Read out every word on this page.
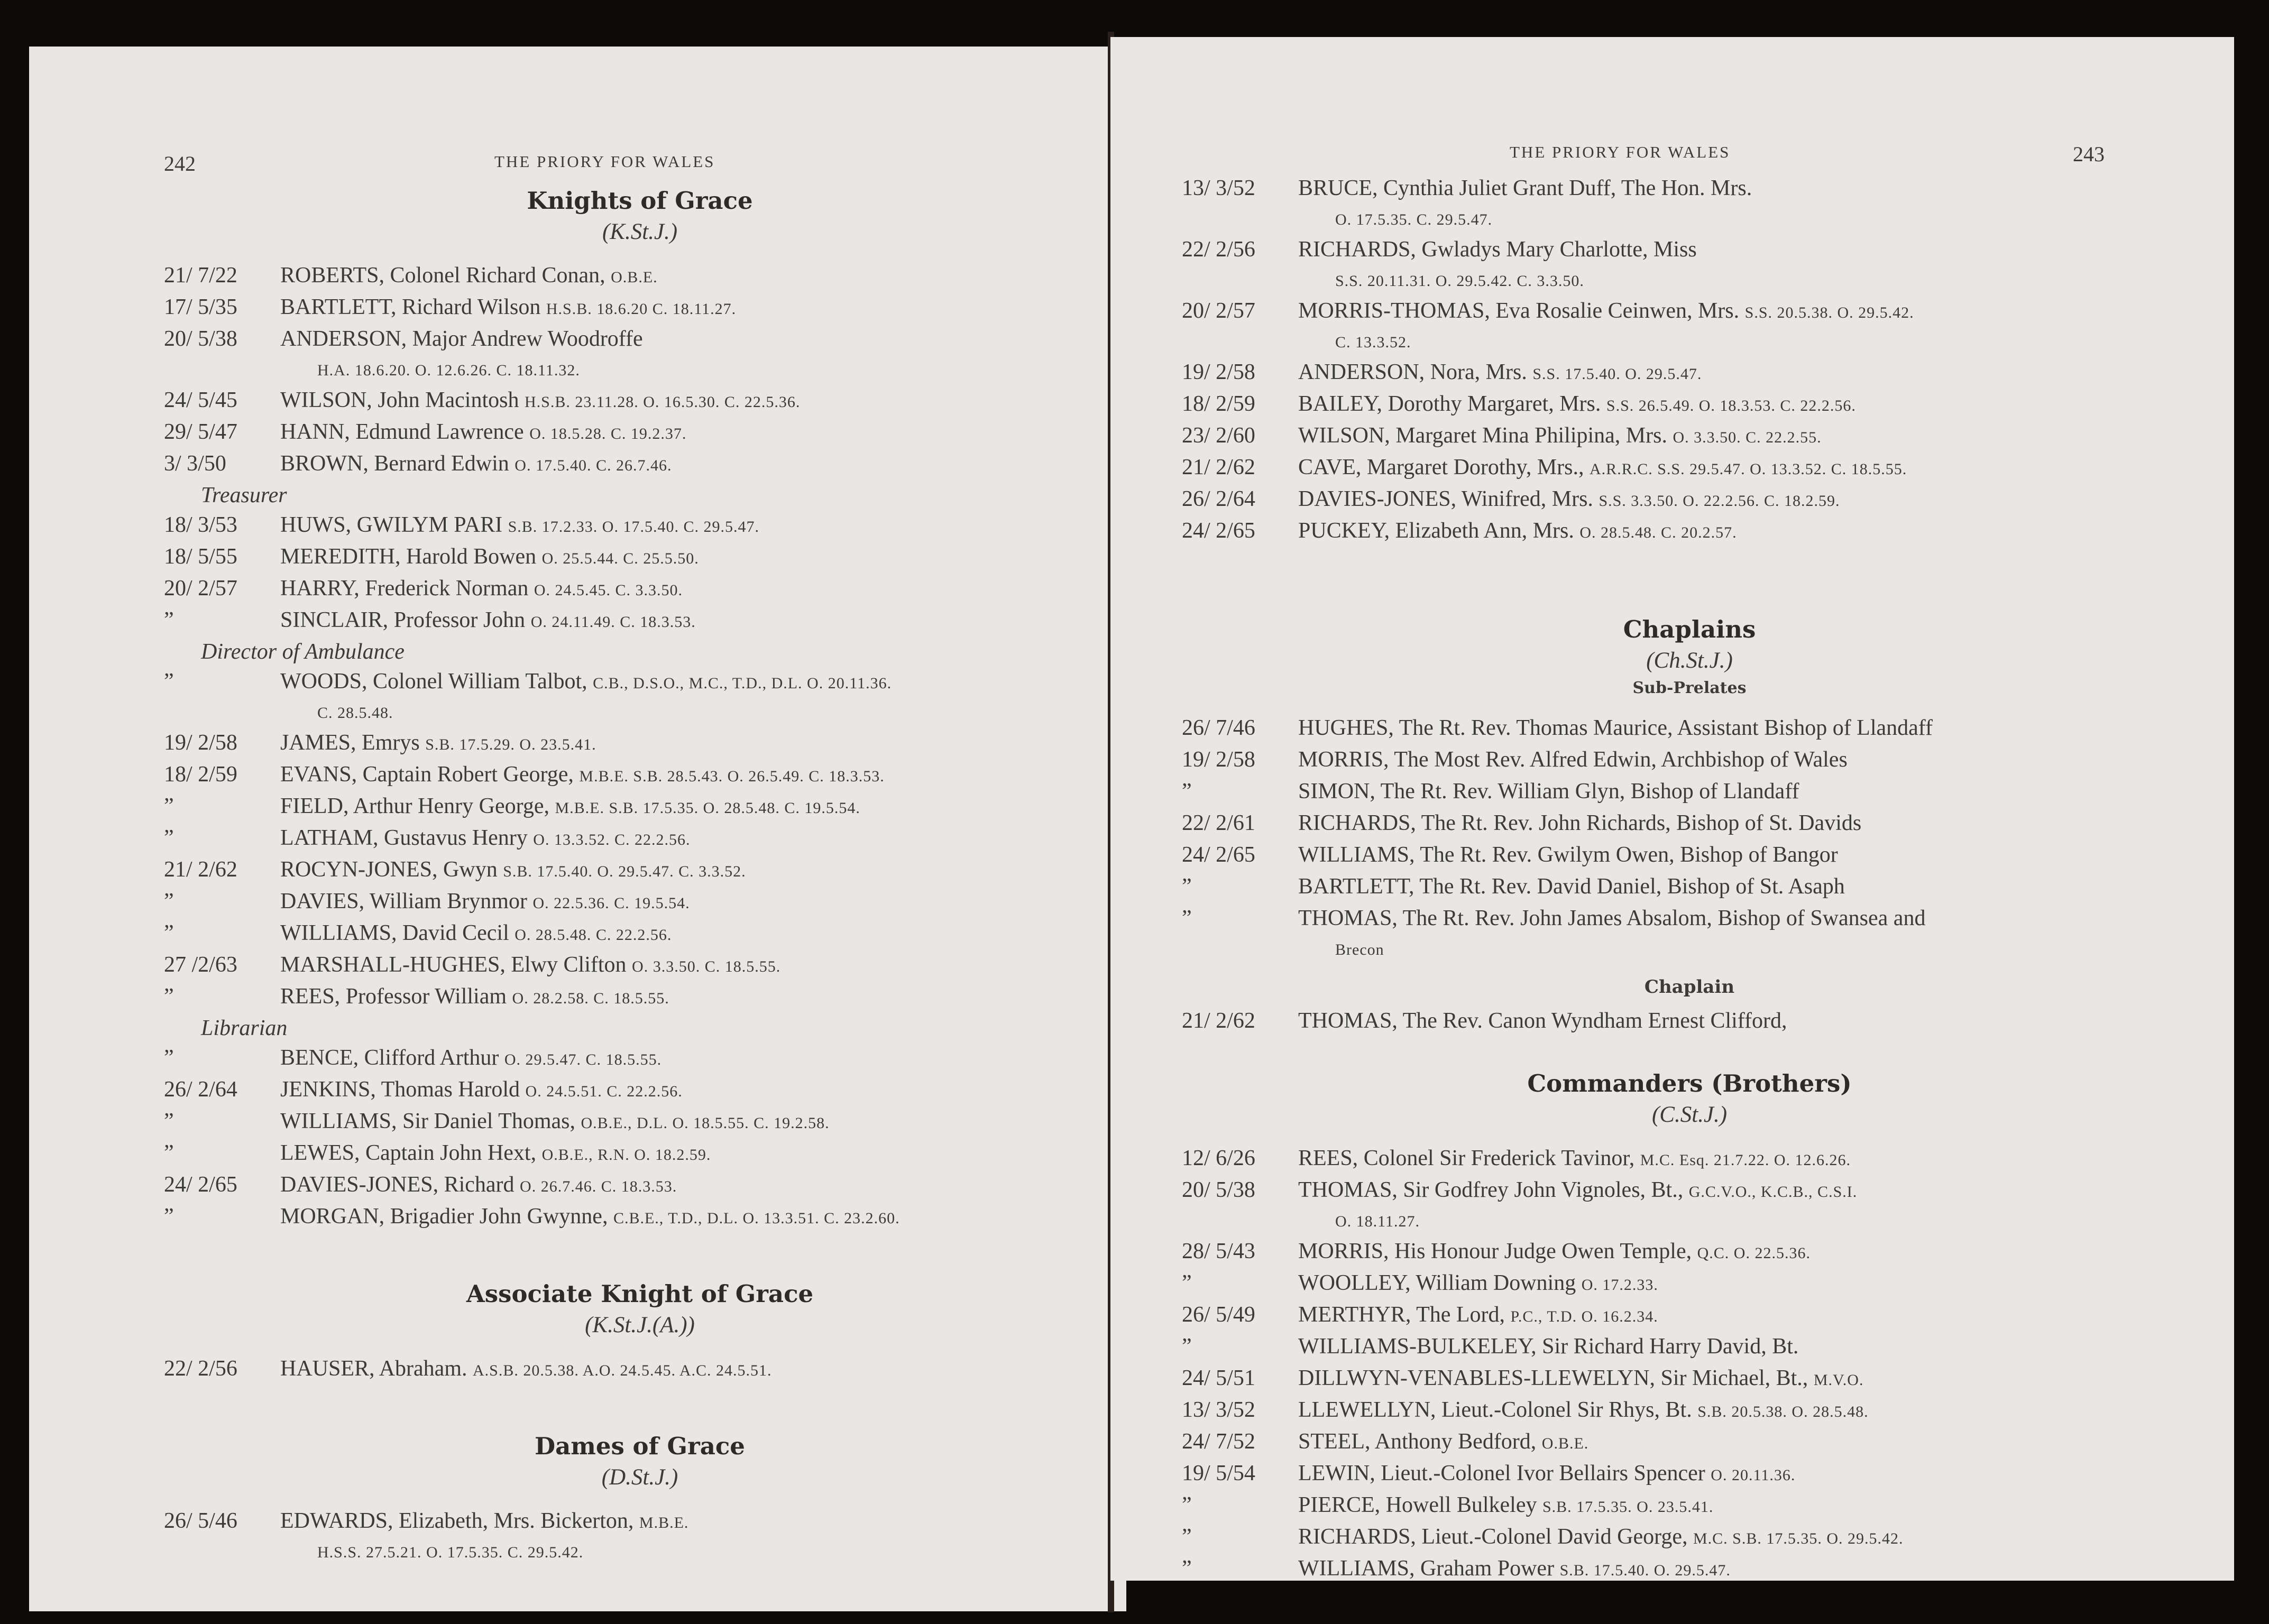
242	THE PRIORY FOR WALES
Knights of Grace
(K.St.J.)
21/ 7/22	ROBERTS, Colonel Richard Conan, O.B.E.
17/ 5/35	BARTLETT, Richard Wilson H.S.B. 18.6.20 C. 18.11.27.
20/ 5/38	ANDERSON, Major Andrew Woodroffe
H.A. 18.6.20. O. 12.6.26. C. 18.11.32.
24/ 5/45	WILSON, John Macintosh H.S.B. 23.11.28. O. 16.5.30. C. 22.5.36.
29/ 5/47	HANN, Edmund Lawrence O. 18.5.28. C. 19.2.37.
3/ 3/50	BROWN, Bernard Edwin O. 17.5.40. C. 26.7.46.
Treasurer
18/ 3/53	HUWS, GWILYM PARI S.B. 17.2.33. O. 17.5.40. C. 29.5.47.
18/ 5/55	MEREDITH, Harold Bowen O. 25.5.44. C. 25.5.50.
20/ 2/57	HARRY, Frederick Norman O. 24.5.45. C. 3.3.50.
”	SINCLAIR, Professor John O. 24.11.49. C. 18.3.53.
Director of Ambulance
”	WOODS, Colonel William Talbot, C.B., D.S.O., M.C., T.D., D.L. O. 20.11.36.
C. 28.5.48.
19/ 2/58	JAMES, Emrys S.B. 17.5.29. O. 23.5.41.
18/ 2/59	EVANS, Captain Robert George, M.B.E. S.B. 28.5.43. O. 26.5.49. C. 18.3.53.
”	FIELD, Arthur Henry George, M.B.E. S.B. 17.5.35. O. 28.5.48. C. 19.5.54.
”	LATHAM, Gustavus Henry O. 13.3.52. C. 22.2.56.
21/ 2/62	ROCYN-JONES, Gwyn S.B. 17.5.40. O. 29.5.47. C. 3.3.52.
”	DAVIES, William Brynmor O. 22.5.36. C. 19.5.54.
”	WILLIAMS, David Cecil O. 28.5.48. C. 22.2.56.
27 /2/63	MARSHALL-HUGHES, Elwy Clifton O. 3.3.50. C. 18.5.55.
”	REES, Professor William O. 28.2.58. C. 18.5.55.
Librarian
”	BENCE, Clifford Arthur O. 29.5.47. C. 18.5.55.
26/ 2/64	JENKINS, Thomas Harold O. 24.5.51. C. 22.2.56.
”	WILLIAMS, Sir Daniel Thomas, O.B.E., D.L. O. 18.5.55. C. 19.2.58.
”	LEWES, Captain John Hext, O.B.E., R.N. O. 18.2.59.
24/ 2/65	DAVIES-JONES, Richard O. 26.7.46. C. 18.3.53.
”	MORGAN, Brigadier John Gwynne, C.B.E., T.D., D.L. O. 13.3.51. C. 23.2.60.
Associate Knight of Grace
(K.St.J.(A.))
22/ 2/56	HAUSER, Abraham. A.S.B. 20.5.38. A.O. 24.5.45. A.C. 24.5.51.
Dames of Grace
(D.St.J.)
26/ 5/46	EDWARDS, Elizabeth, Mrs. Bickerton, M.B.E.
H.S.S. 27.5.21. O. 17.5.35. C. 29.5.42.
THE PRIORY FOR WALES	243
13/ 3/52	BRUCE, Cynthia Juliet Grant Duff, The Hon. Mrs.
O. 17.5.35. C. 29.5.47.
22/ 2/56	RICHARDS, Gwladys Mary Charlotte, Miss
S.S. 20.11.31. O. 29.5.42. C. 3.3.50.
20/ 2/57	MORRIS-THOMAS, Eva Rosalie Ceinwen, Mrs. S.S. 20.5.38. O. 29.5.42.
C. 13.3.52.
19/ 2/58	ANDERSON, Nora, Mrs. S.S. 17.5.40. O. 29.5.47.
18/ 2/59	BAILEY, Dorothy Margaret, Mrs. S.S. 26.5.49. O. 18.3.53. C. 22.2.56.
23/ 2/60	WILSON, Margaret Mina Philipina, Mrs. O. 3.3.50. C. 22.2.55.
21/ 2/62	CAVE, Margaret Dorothy, Mrs., A.R.R.C. S.S. 29.5.47. O. 13.3.52. C. 18.5.55.
26/ 2/64	DAVIES-JONES, Winifred, Mrs. S.S. 3.3.50. O. 22.2.56. C. 18.2.59.
24/ 2/65	PUCKEY, Elizabeth Ann, Mrs. O. 28.5.48. C. 20.2.57.
Chaplains
(Ch.St.J.)
Sub-Prelates
26/ 7/46	HUGHES, The Rt. Rev. Thomas Maurice, Assistant Bishop of Llandaff
19/ 2/58	MORRIS, The Most Rev. Alfred Edwin, Archbishop of Wales
”	SIMON, The Rt. Rev. William Glyn, Bishop of Llandaff
22/ 2/61	RICHARDS, The Rt. Rev. John Richards, Bishop of St. Davids
24/ 2/65	WILLIAMS, The Rt. Rev. Gwilym Owen, Bishop of Bangor
”	BARTLETT, The Rt. Rev. David Daniel, Bishop of St. Asaph
”	THOMAS, The Rt. Rev. John James Absalom, Bishop of Swansea and
Brecon
Chaplain
21/ 2/62	THOMAS, The Rev. Canon Wyndham Ernest Clifford,
Commanders (Brothers)
(C.St.J.)
12/ 6/26	REES, Colonel Sir Frederick Tavinor, M.C. Esq. 21.7.22. O. 12.6.26.
20/ 5/38	THOMAS, Sir Godfrey John Vignoles, Bt., G.C.V.O., K.C.B., C.S.I.
O. 18.11.27.
28/ 5/43	MORRIS, His Honour Judge Owen Temple, Q.C. O. 22.5.36.
”	WOOLLEY, William Downing O. 17.2.33.
26/ 5/49	MERTHYR, The Lord, P.C., T.D. O. 16.2.34.
”	WILLIAMS-BULKELEY, Sir Richard Harry David, Bt.
24/ 5/51	DILLWYN-VENABLES-LLEWELYN, Sir Michael, Bt., M.V.O.
13/ 3/52	LLEWELLYN, Lieut.-Colonel Sir Rhys, Bt. S.B. 20.5.38. O. 28.5.48.
24/ 7/52	STEEL, Anthony Bedford, O.B.E.
19/ 5/54	LEWIN, Lieut.-Colonel Ivor Bellairs Spencer O. 20.11.36.
”	PIERCE, Howell Bulkeley S.B. 17.5.35. O. 23.5.41.
”	RICHARDS, Lieut.-Colonel David George, M.C. S.B. 17.5.35. O. 29.5.42.
”	WILLIAMS, Graham Power S.B. 17.5.40. O. 29.5.47.
